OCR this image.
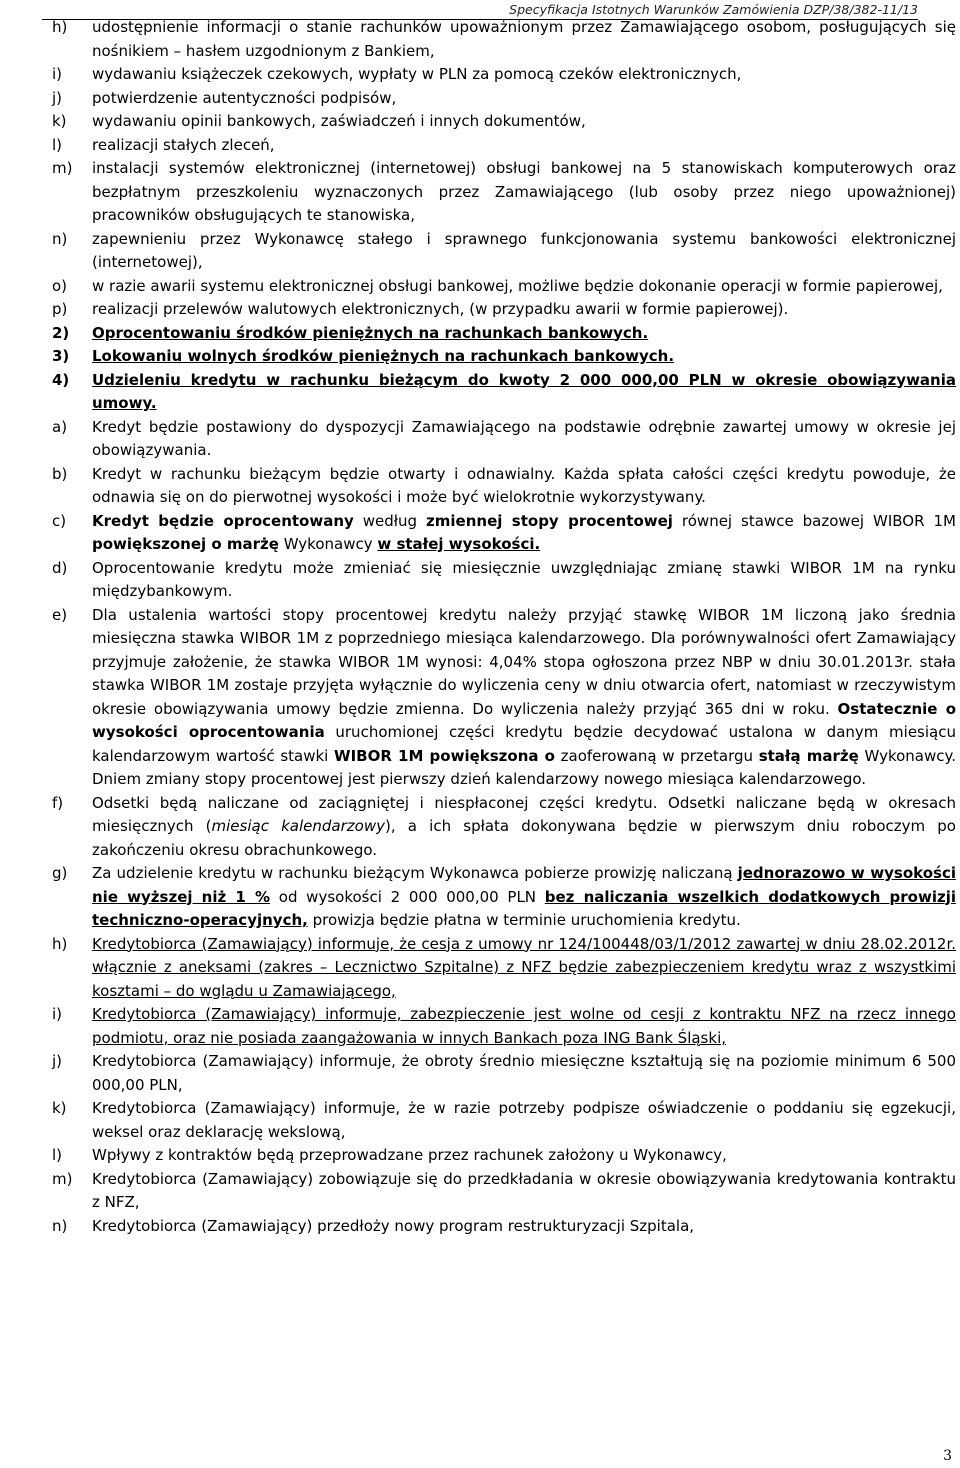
Specyfikacja Istotnych Warunków Zamówienia DZP/38/382-11/13
h)	udostępnienie informacji o stanie rachunków upoważnionym przez Zamawiającego osobom, posługujących się nośnikiem – hasłem uzgodnionym z Bankiem,
i)	wydawaniu książeczek czekowych, wypłaty w PLN za pomocą czeków elektronicznych,
j)	potwierdzenie autentyczności podpisów,
k)	wydawaniu opinii bankowych, zaświadczeń i innych dokumentów,
l)	realizacji stałych zleceń,
m)	instalacji systemów elektronicznej (internetowej) obsługi bankowej na 5 stanowiskach komputerowych oraz bezpłatnym przeszkoleniu wyznaczonych przez Zamawiającego (lub osoby przez niego upoważnionej) pracowników obsługujących te stanowiska,
n)	zapewnieniu przez Wykonawcę stałego i sprawnego funkcjonowania systemu bankowości elektronicznej (internetowej),
o)	w razie awarii systemu elektronicznej obsługi bankowej, możliwe będzie dokonanie operacji w formie papierowej,
p)	realizacji przelewów walutowych elektronicznych, (w przypadku awarii w formie papierowej).
2)	Oprocentowaniu środków pieniężnych na rachunkach bankowych.
3)	Lokowaniu wolnych środków pieniężnych na rachunkach bankowych.
4)	Udzieleniu kredytu w rachunku bieżącym do kwoty 2 000 000,00 PLN w okresie obowiązywania umowy.
a)	Kredyt będzie postawiony do dyspozycji Zamawiającego na podstawie odrębnie zawartej umowy w okresie jej obowiązywania.
b)	Kredyt w rachunku bieżącym będzie otwarty i odnawialny. Każda spłata całości części kredytu powoduje, że odnawia się on do pierwotnej wysokości i może być wielokrotnie wykorzystywany.
c)	Kredyt będzie oprocentowany według zmiennej stopy procentowej równej stawce bazowej WIBOR 1M powiększonej o marżę Wykonawcy w stałej wysokości.
d)	Oprocentowanie kredytu może zmieniać się miesięcznie uwzględniając zmianę stawki WIBOR 1M na rynku międzybankowym.
e)	Dla ustalenia wartości stopy procentowej kredytu należy przyjąć stawkę WIBOR 1M liczoną jako średnia miesięczna stawka WIBOR 1M z poprzedniego miesiąca kalendarzowego. Dla porównywalności ofert Zamawiający przyjmuje założenie, że stawka WIBOR 1M wynosi: 4,04% stopa ogłoszona przez NBP w dniu 30.01.2013r. stała stawka WIBOR 1M zostaje przyjęta wyłącznie do wyliczenia ceny w dniu otwarcia ofert, natomiast w rzeczywistym okresie obowiązywania umowy będzie zmienna. Do wyliczenia należy przyjąć 365 dni w roku. Ostatecznie o wysokości oprocentowania uruchomionej części kredytu będzie decydować ustalona w danym miesiącu kalendarzowym wartość stawki WIBOR 1M powiększona o zaoferowaną w przetargu stałą marżę Wykonawcy. Dniem zmiany stopy procentowej jest pierwszy dzień kalendarzowy nowego miesiąca kalendarzowego.
f)	Odsetki będą naliczane od zaciągniętej i niespłaconej części kredytu. Odsetki naliczane będą w okresach miesięcznych (miesiąc kalendarzowy), a ich spłata dokonywana będzie w pierwszym dniu roboczym po zakończeniu okresu obrachunkowego.
g)	Za udzielenie kredytu w rachunku bieżącym Wykonawca pobierze prowizję naliczaną jednorazowo w wysokości nie wyższej niż 1 % od wysokości 2 000 000,00 PLN bez naliczania wszelkich dodatkowych prowizji techniczno-operacyjnych, prowizja będzie płatna w terminie uruchomienia kredytu.
h)	Kredytobiorca (Zamawiający) informuje, że cesja z umowy nr 124/100448/03/1/2012 zawartej w dniu 28.02.2012r. włącznie z aneksami (zakres – Lecznictwo Szpitalne) z NFZ będzie zabezpieczeniem kredytu wraz z wszystkimi kosztami – do wglądu u Zamawiającego,
i)	Kredytobiorca (Zamawiający) informuje, zabezpieczenie jest wolne od cesji z kontraktu NFZ na rzecz innego podmiotu, oraz nie posiada zaangażowania w innych Bankach poza ING Bank Śląski,
j)	Kredytobiorca (Zamawiający) informuje, że obroty średnio miesięczne kształtują się na poziomie minimum 6 500 000,00 PLN,
k)	Kredytobiorca (Zamawiający) informuje, że w razie potrzeby podpisze oświadczenie o poddaniu się egzekucji, weksel oraz deklarację wekslową,
l)	Wpływy z kontraktów będą przeprowadzane przez rachunek założony u Wykonawcy,
m)	Kredytobiorca (Zamawiający) zobowiązuje się do przedkładania w okresie obowiązywania kredytowania kontraktu z NFZ,
n)	Kredytobiorca (Zamawiający) przedłoży nowy program restrukturyzacji Szpitala,
3
